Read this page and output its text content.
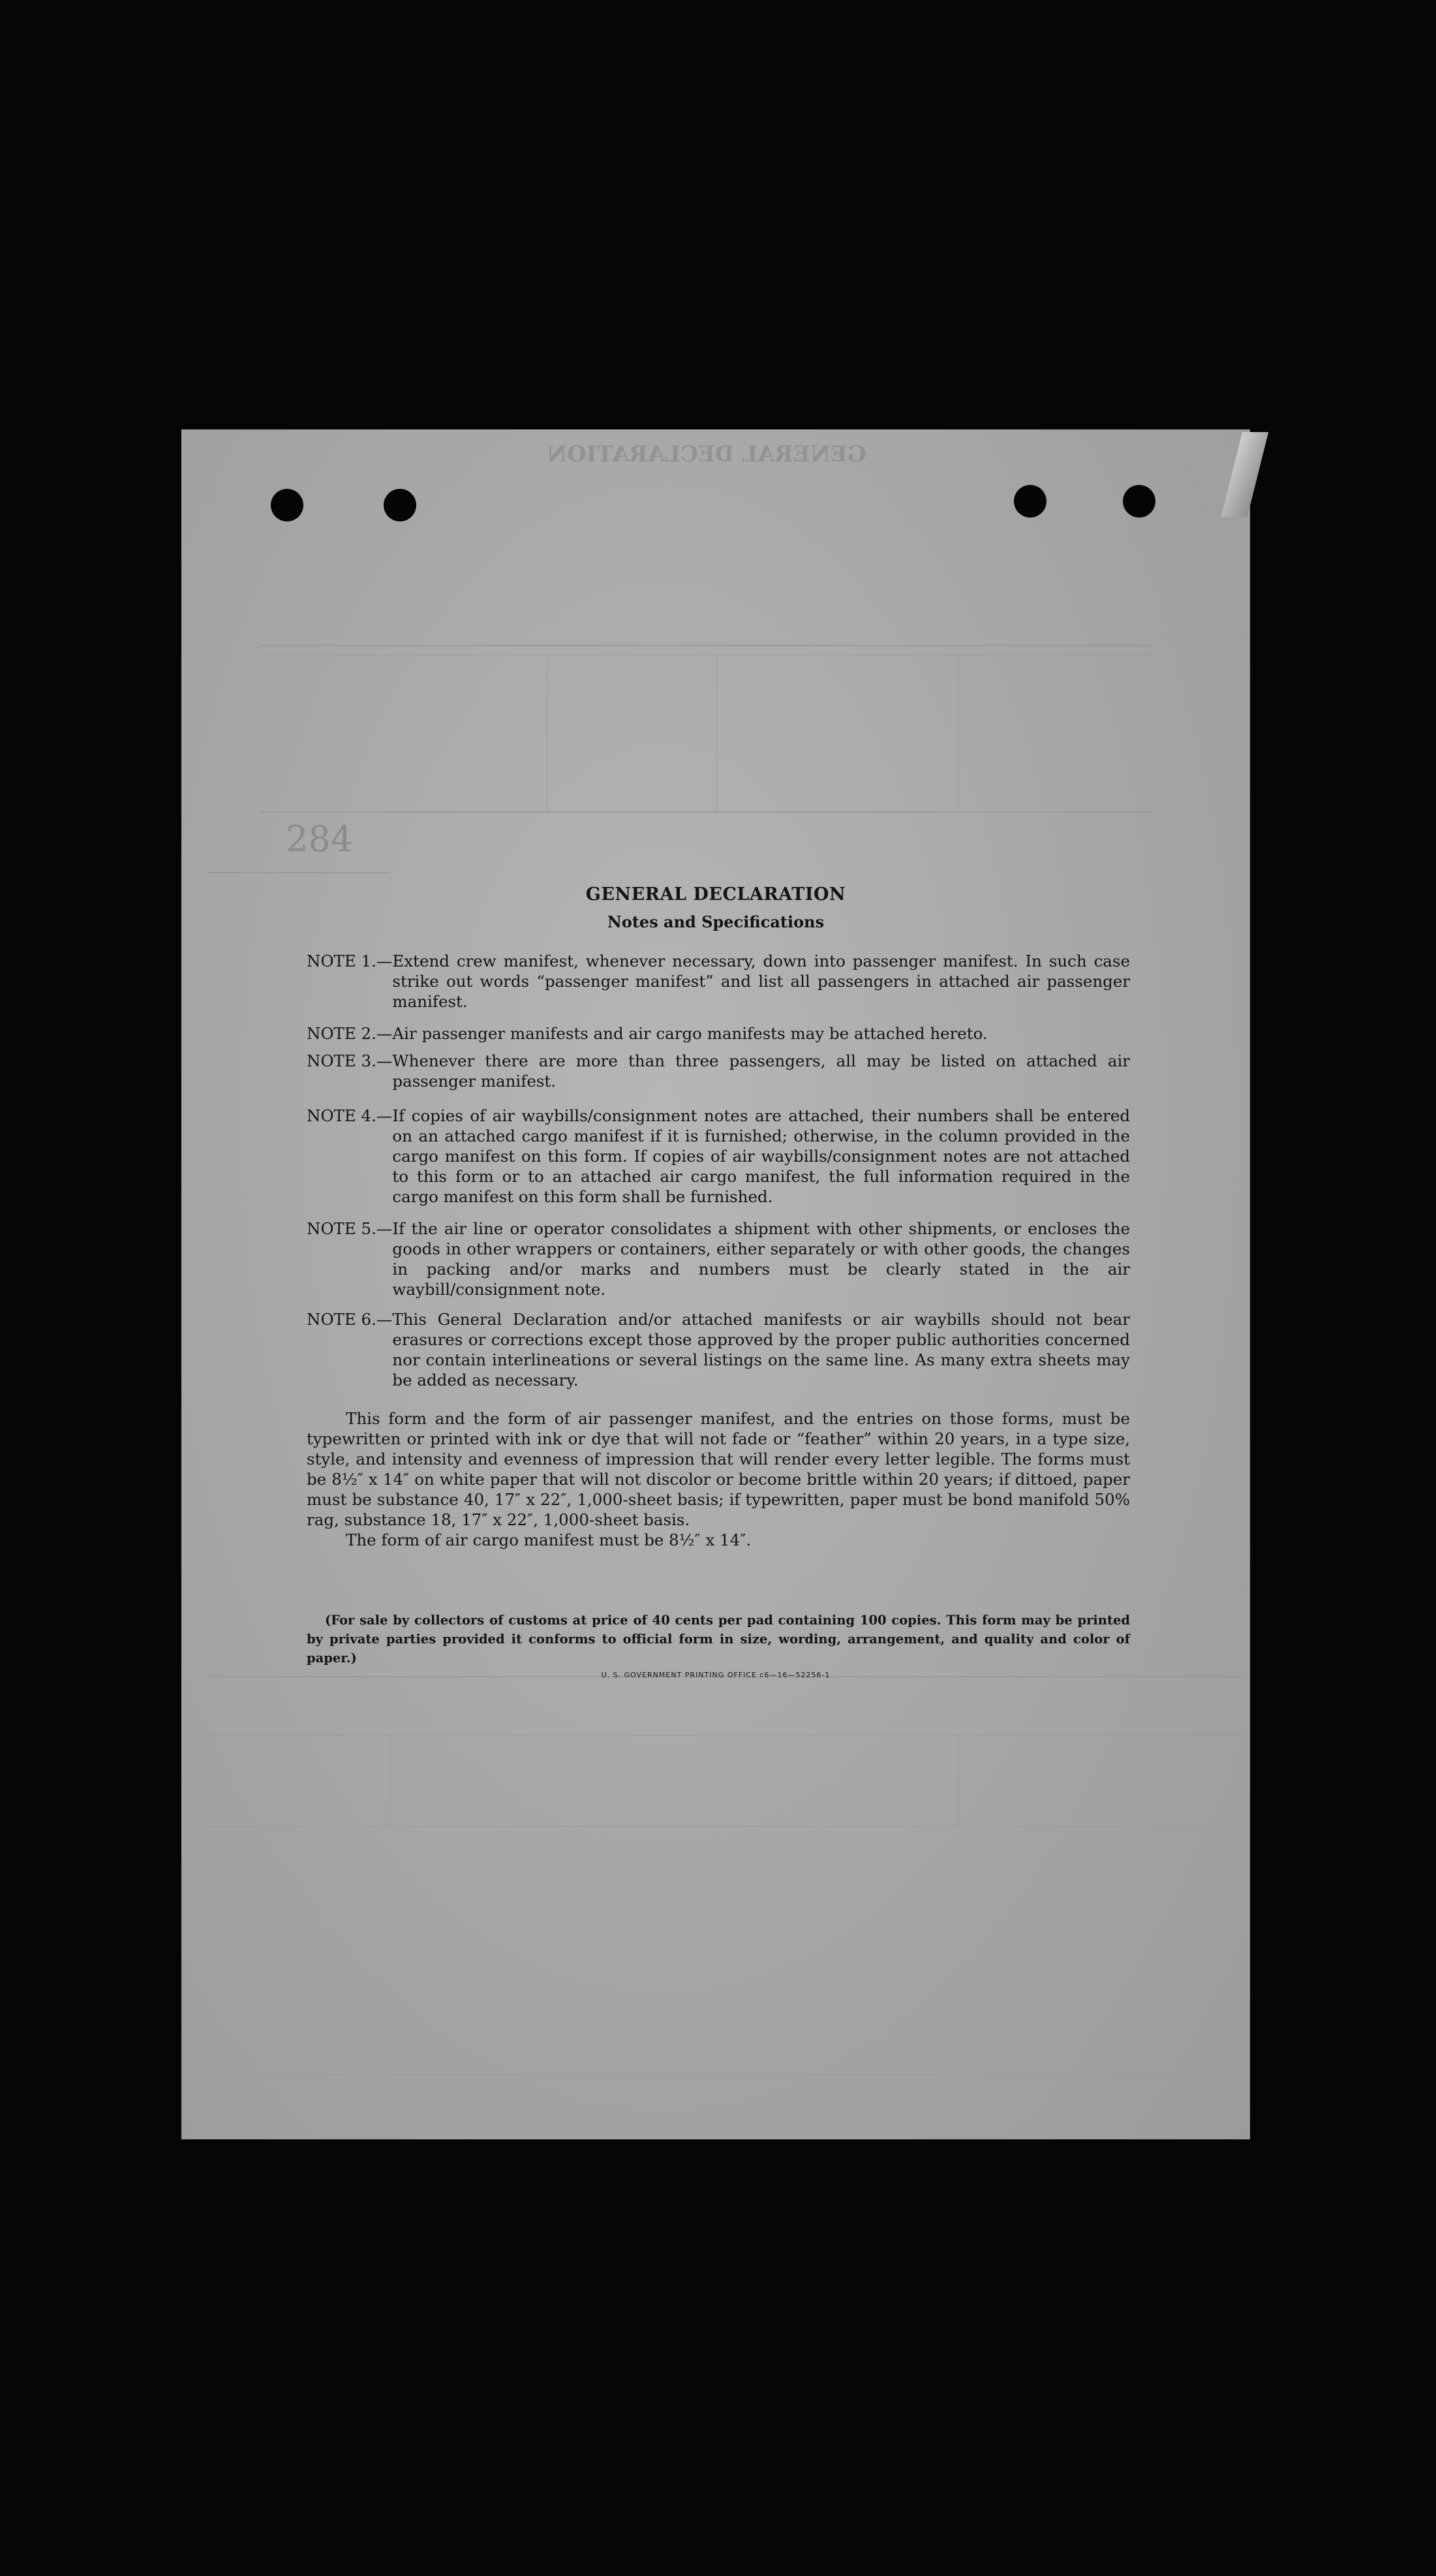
GENERAL DECLARATION
284
GENERAL DECLARATION
Notes and Specifications
NOTE 1.— Extend crew manifest, whenever necessary, down into passenger manifest. In such case strike out words “passenger manifest” and list all passengers in attached air passenger manifest.
NOTE 2.— Air passenger manifests and air cargo manifests may be attached hereto.
NOTE 3.— Whenever there are more than three passengers, all may be listed on attached air passenger manifest.
NOTE 4.— If copies of air waybills/consignment notes are attached, their numbers shall be entered on an attached cargo manifest if it is furnished; otherwise, in the column provided in the cargo manifest on this form. If copies of air waybills/consignment notes are not attached to this form or to an attached air cargo manifest, the full information required in the cargo manifest on this form shall be furnished.
NOTE 5.— If the air line or operator consolidates a shipment with other shipments, or encloses the goods in other wrappers or containers, either separately or with other goods, the changes in packing and/or marks and numbers must be clearly stated in the air waybill/consignment note.
NOTE 6.— This General Declaration and/or attached manifests or air waybills should not bear erasures or corrections except those approved by the proper public authorities concerned nor contain interlineations or several listings on the same line. As many extra sheets may be added as necessary.
This form and the form of air passenger manifest, and the entries on those forms, must be typewritten or printed with ink or dye that will not fade or “feather” within 20 years, in a type size, style, and intensity and evenness of impression that will render every letter legible. The forms must be 8½″ x 14″ on white paper that will not discolor or become brittle within 20 years; if dittoed, paper must be substance 40, 17″ x 22″, 1,000-sheet basis; if typewritten, paper must be bond manifold 50% rag, substance 18, 17″ x 22″, 1,000-sheet basis.
The form of air cargo manifest must be 8½″ x 14″.
(For sale by collectors of customs at price of 40 cents per pad containing 100 copies. This form may be printed by private parties provided it conforms to official form in size, wording, arrangement, and quality and color of paper.)
U. S. GOVERNMENT PRINTING OFFICE c6—16—52256-1
